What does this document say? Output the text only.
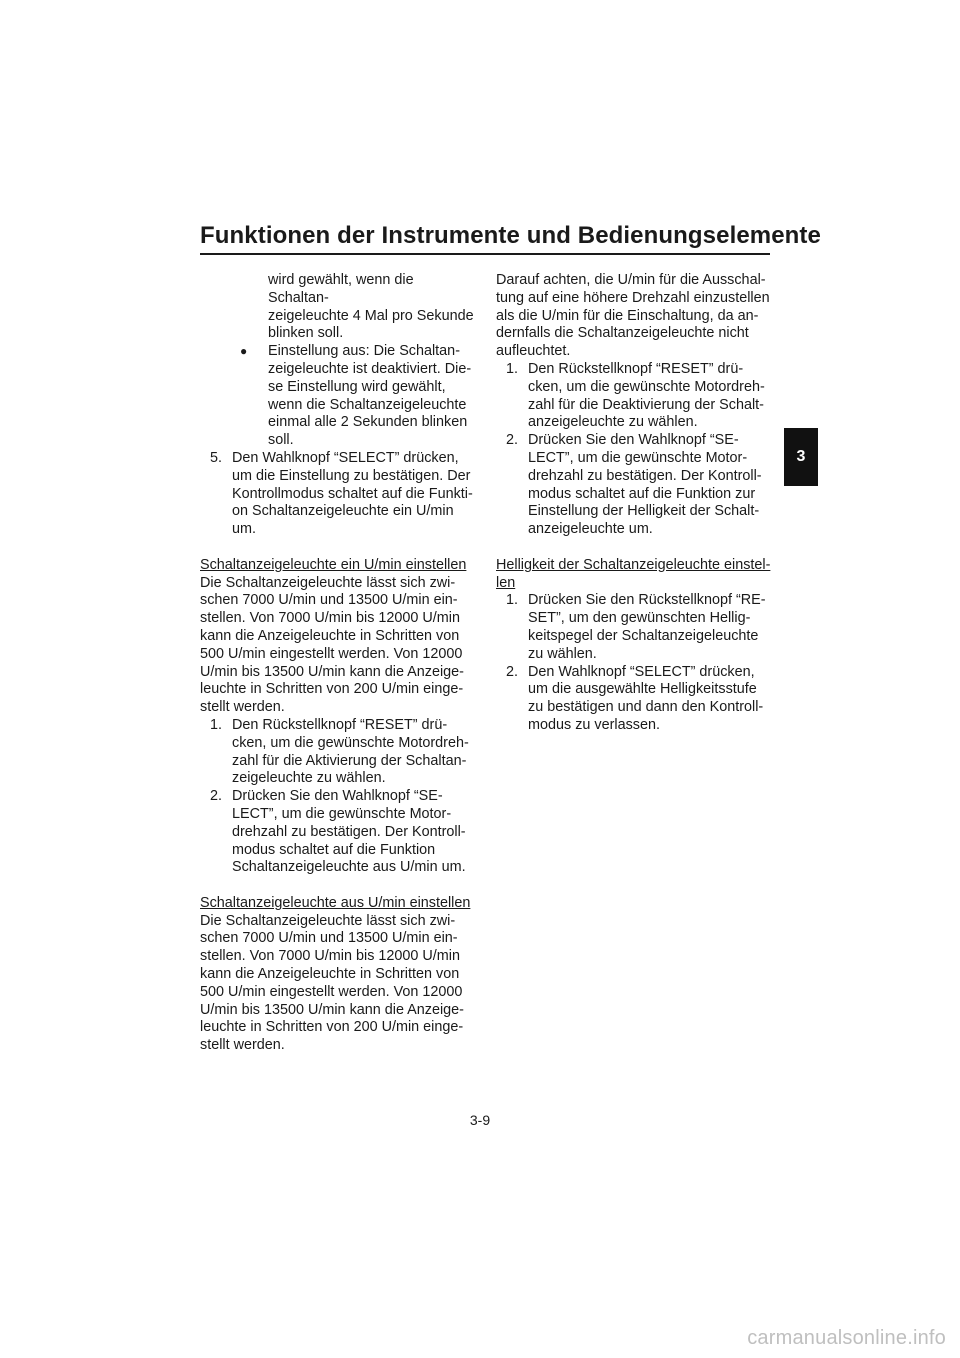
Funktionen der Instrumente und Bedienungselemente
3

wird gewählt, wenn die Schaltan-
zeigeleuchte 4 Mal pro Sekunde
blinken soll.

●	Einstellung aus: Die Schaltan-
zeigeleuchte ist deaktiviert. Die-
se Einstellung wird gewählt,
wenn die Schaltanzeigeleuchte
einmal alle 2 Sekunden blinken
soll.
5. Den Wahlknopf “SELECT” drücken,
um die Einstellung zu bestätigen. Der
Kontrollmodus schaltet auf die Funkti-
on Schaltanzeigeleuchte ein U/min
um.

Schaltanzeigeleuchte ein U/min einstellen

Die Schaltanzeigeleuchte lässt sich zwi-
schen 7000 U/min und 13500 U/min ein-
stellen. Von 7000 U/min bis 12000 U/min
kann die Anzeigeleuchte in Schritten von
500 U/min eingestellt werden. Von 12000
U/min bis 13500 U/min kann die Anzeige-
leuchte in Schritten von 200 U/min einge-
stellt werden.

1. Den Rückstellknopf “RESET” drü-
cken, um die gewünschte Motordreh-
zahl für die Aktivierung der Schaltan-
zeigeleuchte zu wählen.
2. Drücken Sie den Wahlknopf “SE-
LECT”, um die gewünschte Motor-
drehzahl zu bestätigen. Der Kontroll-
modus schaltet auf die Funktion
Schaltanzeigeleuchte aus U/min um.

Schaltanzeigeleuchte aus U/min einstellen

Die Schaltanzeigeleuchte lässt sich zwi-
schen 7000 U/min und 13500 U/min ein-
stellen. Von 7000 U/min bis 12000 U/min
kann die Anzeigeleuchte in Schritten von
500 U/min eingestellt werden. Von 12000
U/min bis 13500 U/min kann die Anzeige-
leuchte in Schritten von 200 U/min einge-
stellt werden.

Darauf achten, die U/min für die Ausschal-
tung auf eine höhere Drehzahl einzustellen
als die U/min für die Einschaltung, da an-
dernfalls die Schaltanzeigeleuchte nicht
aufleuchtet.

1. Den Rückstellknopf “RESET” drü-
cken, um die gewünschte Motordreh-
zahl für die Deaktivierung der Schalt-
anzeigeleuchte zu wählen.
2. Drücken Sie den Wahlknopf “SE-
LECT”, um die gewünschte Motor-
drehzahl zu bestätigen. Der Kontroll-
modus schaltet auf die Funktion zur
Einstellung der Helligkeit der Schalt-
anzeigeleuchte um.

Helligkeit der Schaltanzeigeleuchte einstel-
len

1. Drücken Sie den Rückstellknopf “RE-
SET”, um den gewünschten Hellig-
keitspegel der Schaltanzeigeleuchte
zu wählen.
2. Den Wahlknopf “SELECT” drücken,
um die ausgewählte Helligkeitsstufe
zu bestätigen und dann den Kontroll-
modus zu verlassen.
3-9
carmanualsonline.info
